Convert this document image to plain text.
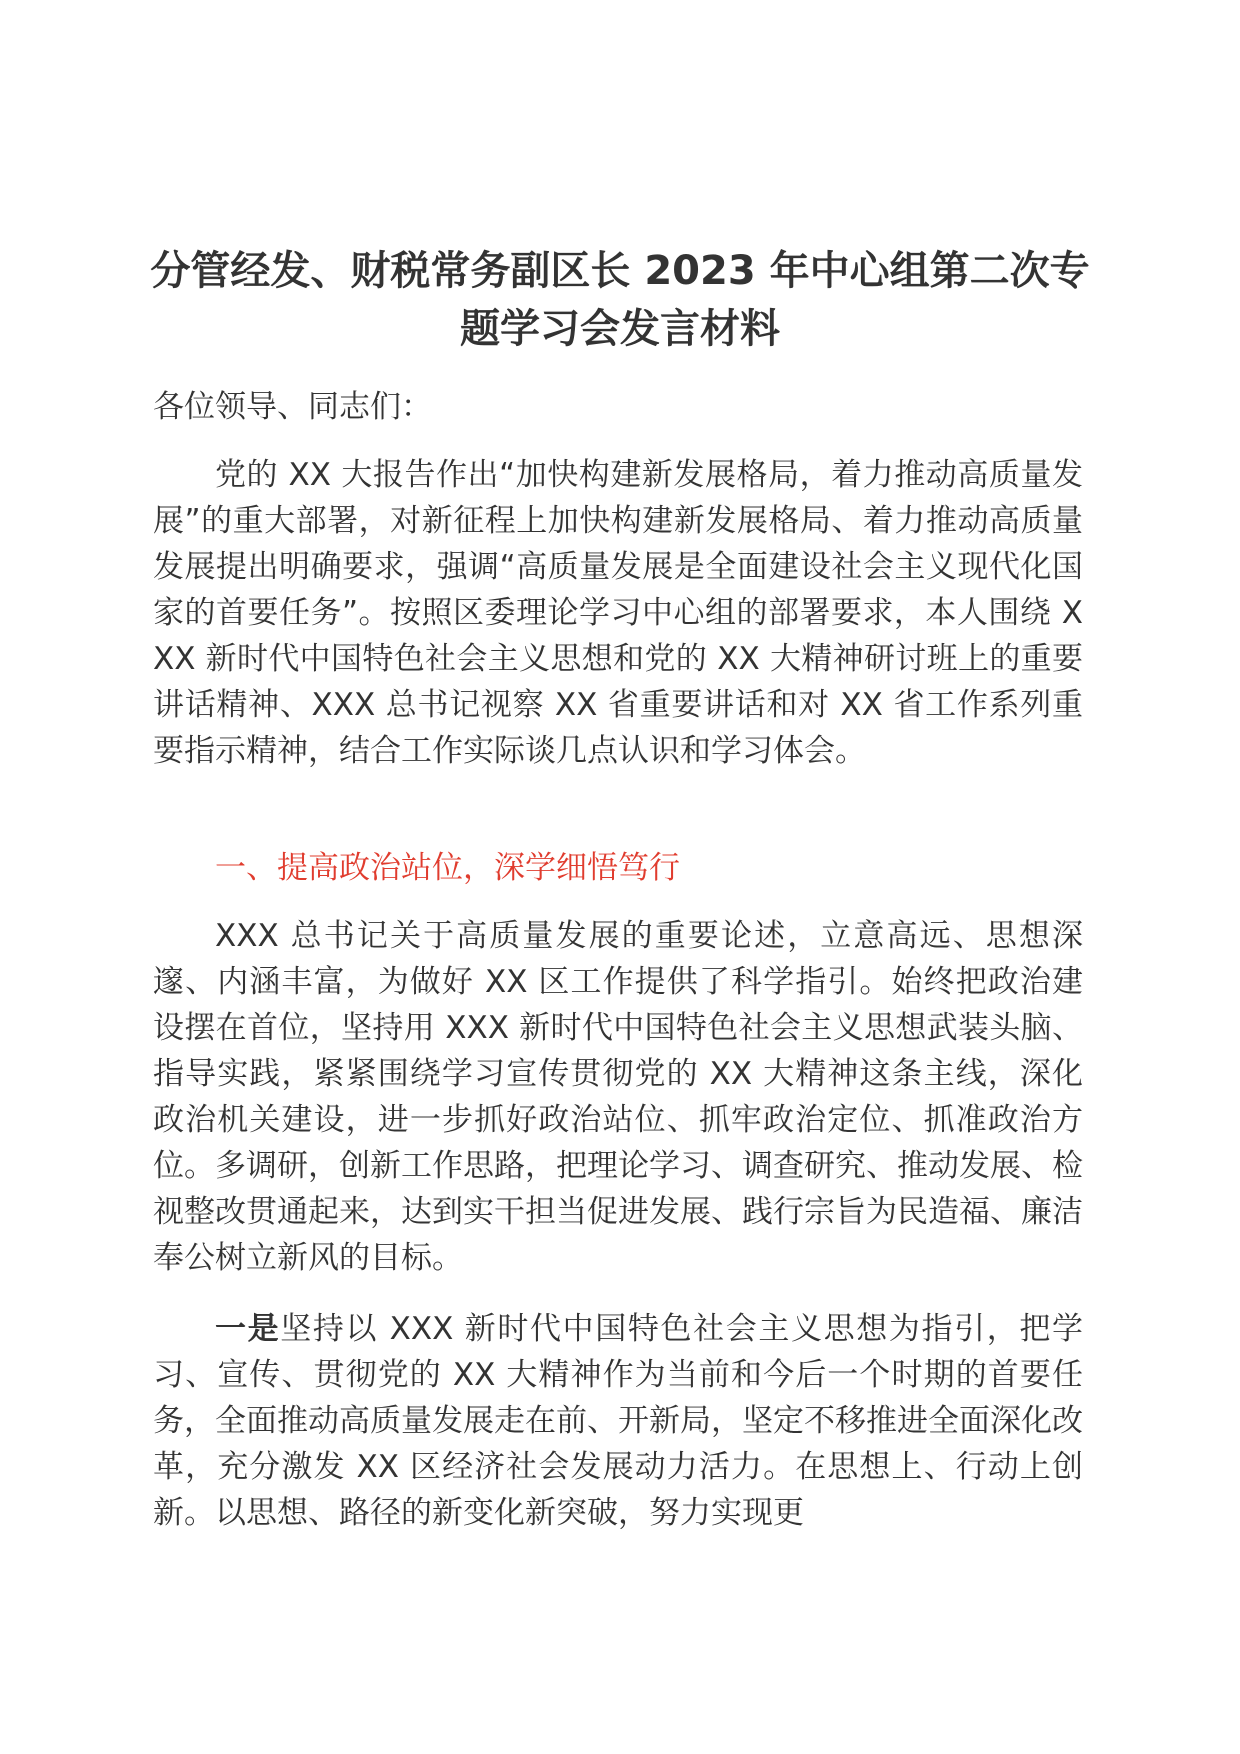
分管经发、财税常务副区长 2023 年中心组第二次专题学习会发言材料

各位领导、同志们：

党的 XX 大报告作出“加快构建新发展格局，着力推动高质量发展”的重大部署，对新征程上加快构建新发展格局、着力推动高质量发展提出明确要求，强调“高质量发展是全面建设社会主义现代化国家的首要任务”。按照区委理论学习中心组的部署要求，本人围绕 XXX 新时代中国特色社会主义思想和党的 XX 大精神研讨班上的重要讲话精神、XXX 总书记视察 XX 省重要讲话和对 XX 省工作系列重要指示精神，结合工作实际谈几点认识和学习体会。

一、提高政治站位，深学细悟笃行

XXX 总书记关于高质量发展的重要论述，立意高远、思想深邃、内涵丰富，为做好 XX 区工作提供了科学指引。始终把政治建设摆在首位，坚持用 XXX 新时代中国特色社会主义思想武装头脑、指导实践，紧紧围绕学习宣传贯彻党的 XX 大精神这条主线，深化政治机关建设，进一步抓好政治站位、抓牢政治定位、抓准政治方位。多调研，创新工作思路，把理论学习、调查研究、推动发展、检视整改贯通起来，达到实干担当促进发展、践行宗旨为民造福、廉洁奉公树立新风的目标。

一是坚持以 XXX 新时代中国特色社会主义思想为指引，把学习、宣传、贯彻党的 XX 大精神作为当前和今后一个时期的首要任务，全面推动高质量发展走在前、开新局，坚定不移推进全面深化改革，充分激发 XX 区经济社会发展动力活力。在思想上、行动上创新。以思想、路径的新变化新突破，努力实现更
